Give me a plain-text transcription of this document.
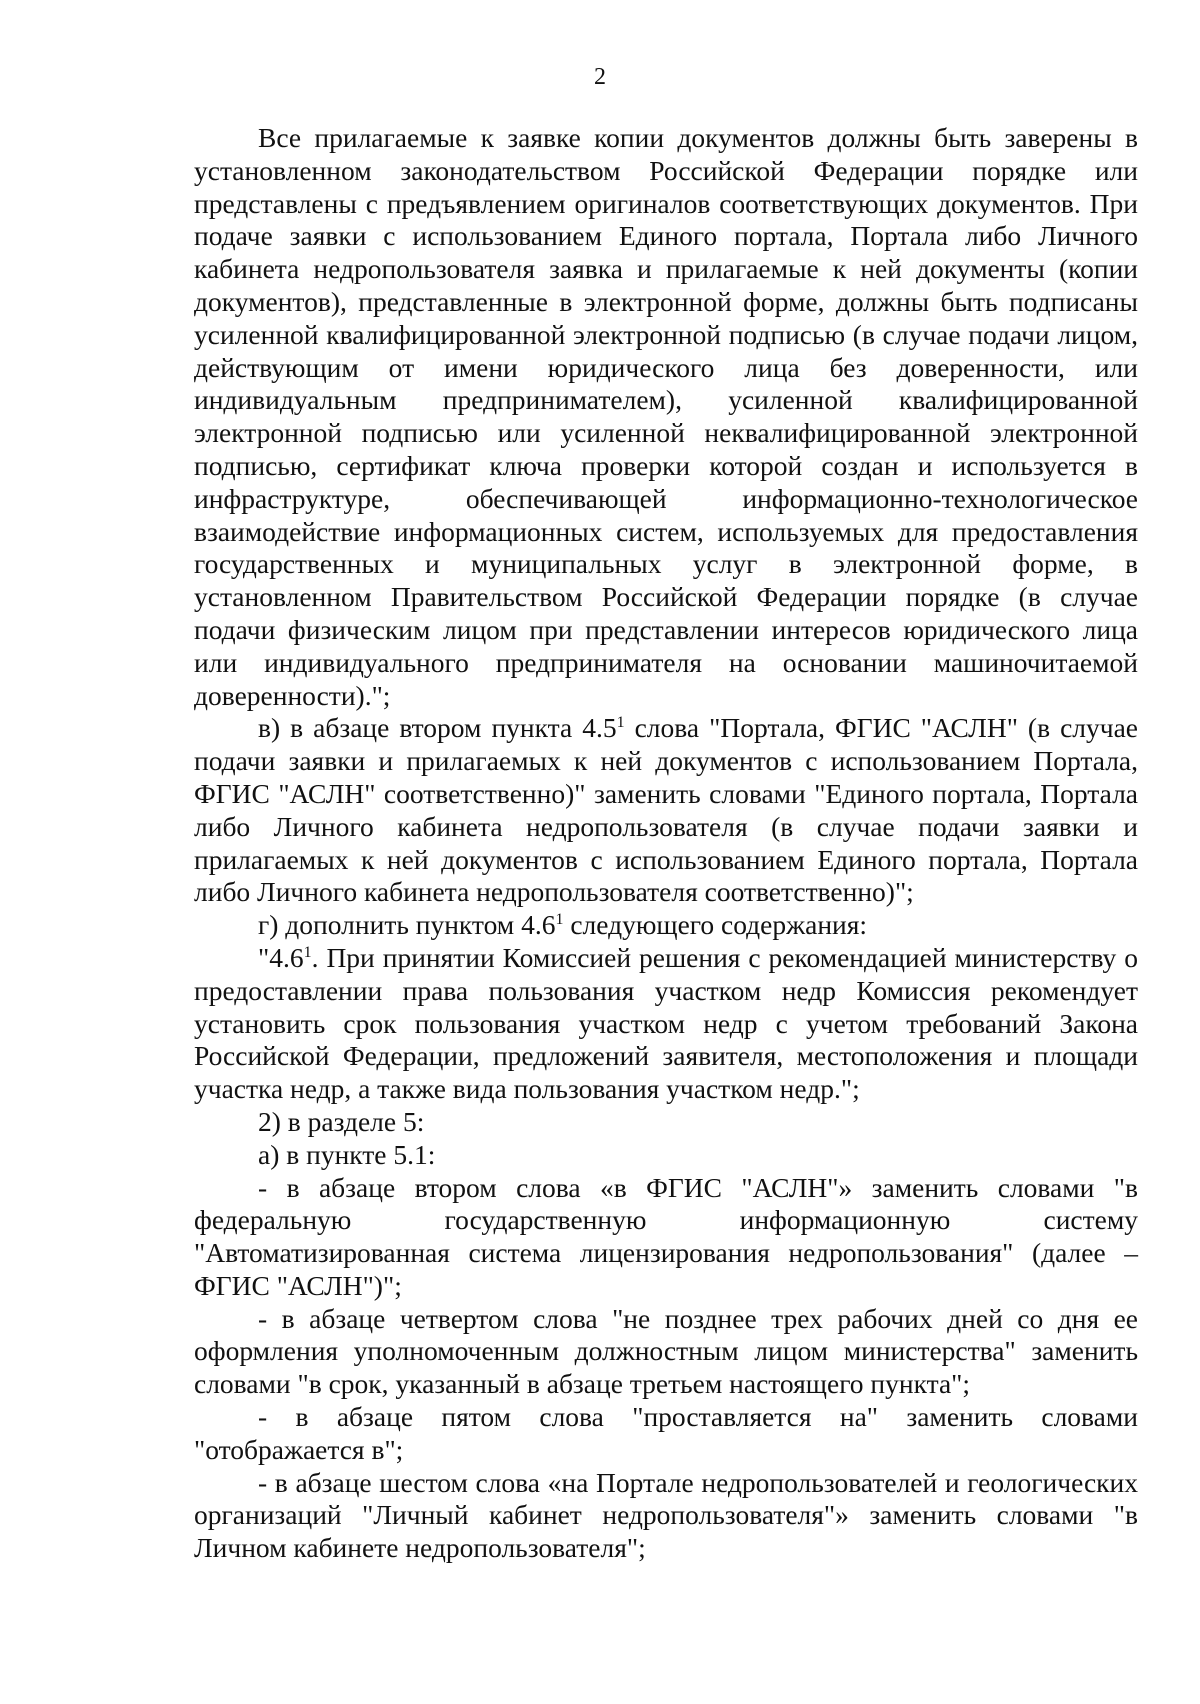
2

Все прилагаемые к заявке копии документов должны быть заверены в установленном законодательством Российской Федерации порядке или представлены с предъявлением оригиналов соответствующих документов. При подаче заявки с использованием Единого портала, Портала либо Личного кабинета недропользователя заявка и прилагаемые к ней документы (копии документов), представленные в электронной форме, должны быть подписаны усиленной квалифицированной электронной подписью (в случае подачи лицом, действующим от имени юридического лица без доверенности, или индивидуальным предпринимателем), усиленной квалифицированной электронной подписью или усиленной неквалифицированной электронной подписью, сертификат ключа проверки которой создан и используется в инфраструктуре, обеспечивающей информационно-технологическое взаимодействие информационных систем, используемых для предоставления государственных и муниципальных услуг в электронной форме, в установленном Правительством Российской Федерации порядке (в случае подачи физическим лицом при представлении интересов юридического лица или индивидуального предпринимателя на основании машиночитаемой доверенности).";

в) в абзаце втором пункта $4.5^1$ слова "Портала, ФГИС "АСЛН" (в случае подачи заявки и прилагаемых к ней документов с использованием Портала, ФГИС "АСЛН" соответственно)" заменить словами "Единого портала, Портала либо Личного кабинета недропользователя (в случае подачи заявки и прилагаемых к ней документов с использованием Единого портала, Портала либо Личного кабинета недропользователя соответственно)";

г) дополнить пунктом $4.6^1$ следующего содержания:

"$4.6^1$. При принятии Комиссией решения с рекомендацией министерству о предоставлении права пользования участком недр Комиссия рекомендует установить срок пользования участком недр с учетом требований Закона Российской Федерации, предложений заявителя, местоположения и площади участка недр, а также вида пользования участком недр.";

2) в разделе 5:

а) в пункте 5.1:

- в абзаце втором слова «в ФГИС "АСЛН"» заменить словами "в федеральную государственную информационную систему "Автоматизированная система лицензирования недропользования" (далее – ФГИС "АСЛН")";

- в абзаце четвертом слова "не позднее трех рабочих дней со дня ее оформления уполномоченным должностным лицом министерства" заменить словами "в срок, указанный в абзаце третьем настоящего пункта";

- в абзаце пятом слова "проставляется на" заменить словами "отображается в";

- в абзаце шестом слова «на Портале недропользователей и геологических организаций "Личный кабинет недропользователя"» заменить словами "в Личном кабинете недропользователя";
